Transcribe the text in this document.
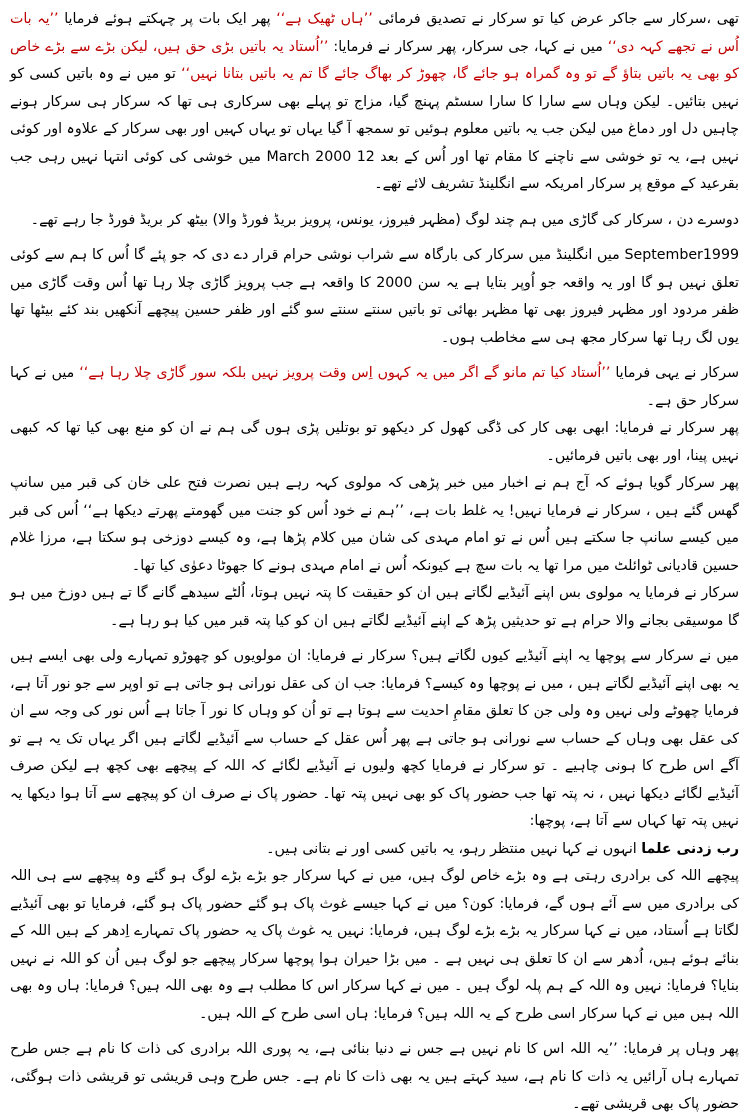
تھی ،سرکار سے جاکر عرض کیا تو سرکار نے تصدیق فرمائی ’’ہاں ٹھیک ہے‘‘ پھر ایک بات پر چہکتے ہوئے فرمایا ’’یہ بات اُس نے تجھے کہہ دی‘‘ میں نے کہا، جی سرکار، پھر سرکار نے فرمایا: ’’اُستاد یہ باتیں بڑی حق ہیں، لیکن بڑے سے بڑے خاص کو بھی یہ باتیں بتاؤ گے تو وہ گمراہ ہو جائے گا، چھوڑ کر بھاگ جائے گا تم یہ باتیں بتانا نہیں‘‘ تو میں نے وہ باتیں کسی کو نہیں بتائیں۔ لیکن وہاں سے سارا کا سارا سسٹم پہنچ گیا، مزاج تو پہلے بھی سرکاری ہی تھا کہ سرکار ہی سرکار ہونے چاہیں دل اور دماغ میں لیکن جب یہ باتیں معلوم ہوئیں تو سمجھ آ گیا یہاں تو یہاں کہیں اور بھی سرکار کے علاوہ اور کوئی نہیں ہے، یہ تو خوشی سے ناچنے کا مقام تھا اور اُس کے بعد 12 March 2000 میں خوشی کی کوئی انتہا نہیں رہی جب بقرعید کے موقع پر سرکار امریکہ سے انگلینڈ تشریف لائے تھے۔

دوسرے دن ، سرکار کی گاڑی میں ہم چند لوگ (مظہر فیروز، یونس، پرویز بریڈ فورڈ والا) بیٹھ کر بریڈ فورڈ جا رہے تھے۔

September1999 میں انگلینڈ میں سرکار کی بارگاہ سے شراب نوشی حرام قرار دے دی کہ جو پئے گا اُس کا ہم سے کوئی تعلق نہیں ہو گا اور یہ واقعہ جو اُوپر بتایا ہے یہ سن 2000 کا واقعہ ہے جب پرویز گاڑی چلا رہا تھا اُس وقت گاڑی میں ظفر مردود اور مظہر فیروز بھی تھا مظہر بھائی تو باتیں سنتے سنتے سو گئے اور ظفر حسین پیچھے آنکھیں بند کئے بیٹھا تھا یوں لگ رہا تھا سرکار مجھ ہی سے مخاطب ہوں۔

سرکار نے یہی فرمایا ’’اُستاد کیا تم مانو گے اگر میں یہ کہوں اِس وقت پرویز نہیں بلکہ سور گاڑی چلا رہا ہے‘‘ میں نے کہا سرکار حق ہے۔

پھر سرکار نے فرمایا: ابھی بھی کار کی ڈگی کھول کر دیکھو تو بوتلیں پڑی ہوں گی ہم نے ان کو منع بھی کیا تھا کہ کبھی نہیں پینا، اور بھی باتیں فرمائیں۔

پھر سرکار گویا ہوئے کہ آج ہم نے اخبار میں خبر پڑھی کہ مولوی کہہ رہے ہیں نصرت فتح علی خان کی قبر میں سانپ گھس گئے ہیں ، سرکار نے فرمایا نہیں! یہ غلط بات ہے، ’’ہم نے خود اُس کو جنت میں گھومتے پھرتے دیکھا ہے‘‘ اُس کی قبر میں کیسے سانپ جا سکتے ہیں اُس نے تو امام مہدی کی شان میں کلام پڑھا ہے، وہ کیسے دوزخی ہو سکتا ہے، مرزا غلام حسین قادیانی ٹوائلٹ میں مرا تھا یہ بات سچ ہے کیونکہ اُس نے امام مہدی ہونے کا جھوٹا دعوٰی کیا تھا۔

سرکار نے فرمایا یہ مولوی بس اپنے آئیڈیے لگاتے ہیں ان کو حقیقت کا پتہ نہیں ہوتا، اُلٹے سیدھے گانے گا تے ہیں دوزخ میں ہو گا موسیقی بجانے والا حرام ہے تو حدیثیں پڑھ کے اپنے آئیڈیے لگاتے ہیں ان کو کیا پتہ قبر میں کیا ہو رہا ہے۔

میں نے سرکار سے پوچھا یہ اپنے آئیڈیے کیوں لگاتے ہیں؟ سرکار نے فرمایا: ان مولویوں کو چھوڑو تمہارے ولی بھی ایسے ہیں یہ بھی اپنے آئیڈیے لگاتے ہیں ، میں نے پوچھا وہ کیسے؟ فرمایا: جب ان کی عقل نورانی ہو جاتی ہے تو اوپر سے جو نور آتا ہے، فرمایا چھوٹے ولی نہیں وہ ولی جن کا تعلق مقامِ احدیت سے ہوتا ہے تو اُن کو وہاں کا نور آ جاتا ہے اُس نور کی وجہ سے ان کی عقل بھی وہاں کے حساب سے نورانی ہو جاتی ہے پھر اُس عقل کے حساب سے آئیڈیے لگاتے ہیں اگر یہاں تک یہ ہے تو آگے اس طرح کا ہونی چاہیے ۔ تو سرکار نے فرمایا کچھ ولیوں نے آئیڈیے لگائے کہ اللہ کے پیچھے بھی کچھ ہے لیکن صرف آئیڈیے لگائے دیکھا نہیں ، نہ پتہ تھا جب حضور پاک کو بھی نہیں پتہ تھا۔ حضور پاک نے صرف ان کو پیچھے سے آتا ہوا دیکھا یہ نہیں پتہ تھا کہاں سے آتا ہے، پوچھا:

رب زدنی علما انہوں نے کہا نہیں منتظر رہو، یہ باتیں کسی اور نے بتانی ہیں۔

پیچھے اللہ کی برادری رہتی ہے وہ بڑے خاص لوگ ہیں، میں نے کہا سرکار جو بڑے بڑے لوگ ہو گئے وہ پیچھے سے ہی اللہ کی برادری میں سے آئے ہوں گے، فرمایا: کون؟ میں نے کہا جیسے غوث پاک ہو گئے حضور پاک ہو گئے، فرمایا تو بھی آئیڈیے لگاتا ہے اُستاد، میں نے کہا سرکار یہ بڑے بڑے لوگ ہیں، فرمایا: نہیں یہ غوث پاک یہ حضور پاک تمہارے اِدھر کے ہیں اللہ کے بنائے ہوئے ہیں، اُدھر سے ان کا تعلق ہی نہیں ہے ۔ میں بڑا حیران ہوا پوچھا سرکار پیچھے جو لوگ ہیں اُن کو اللہ نے نہیں بنایا؟ فرمایا: نہیں وہ اللہ کے ہم پلہ لوگ ہیں ۔ میں نے کہا سرکار اس کا مطلب ہے وہ بھی اللہ ہیں؟ فرمایا: ہاں وہ بھی اللہ ہیں میں نے کہا سرکار اسی طرح کے یہ اللہ ہیں؟ فرمایا: ہاں اسی طرح کے اللہ ہیں۔

پھر وہاں پر فرمایا: ’’یہ اللہ اس کا نام نہیں ہے جس نے دنیا بنائی ہے، یہ پوری اللہ برادری کی ذات کا نام ہے جس طرح تمہارے ہاں آرائیں یہ ذات کا نام ہے، سید کہتے ہیں یہ بھی ذات کا نام ہے۔ جس طرح وہی قریشی تو قریشی ذات ہوگئی، حضور پاک بھی قریشی تھے۔
